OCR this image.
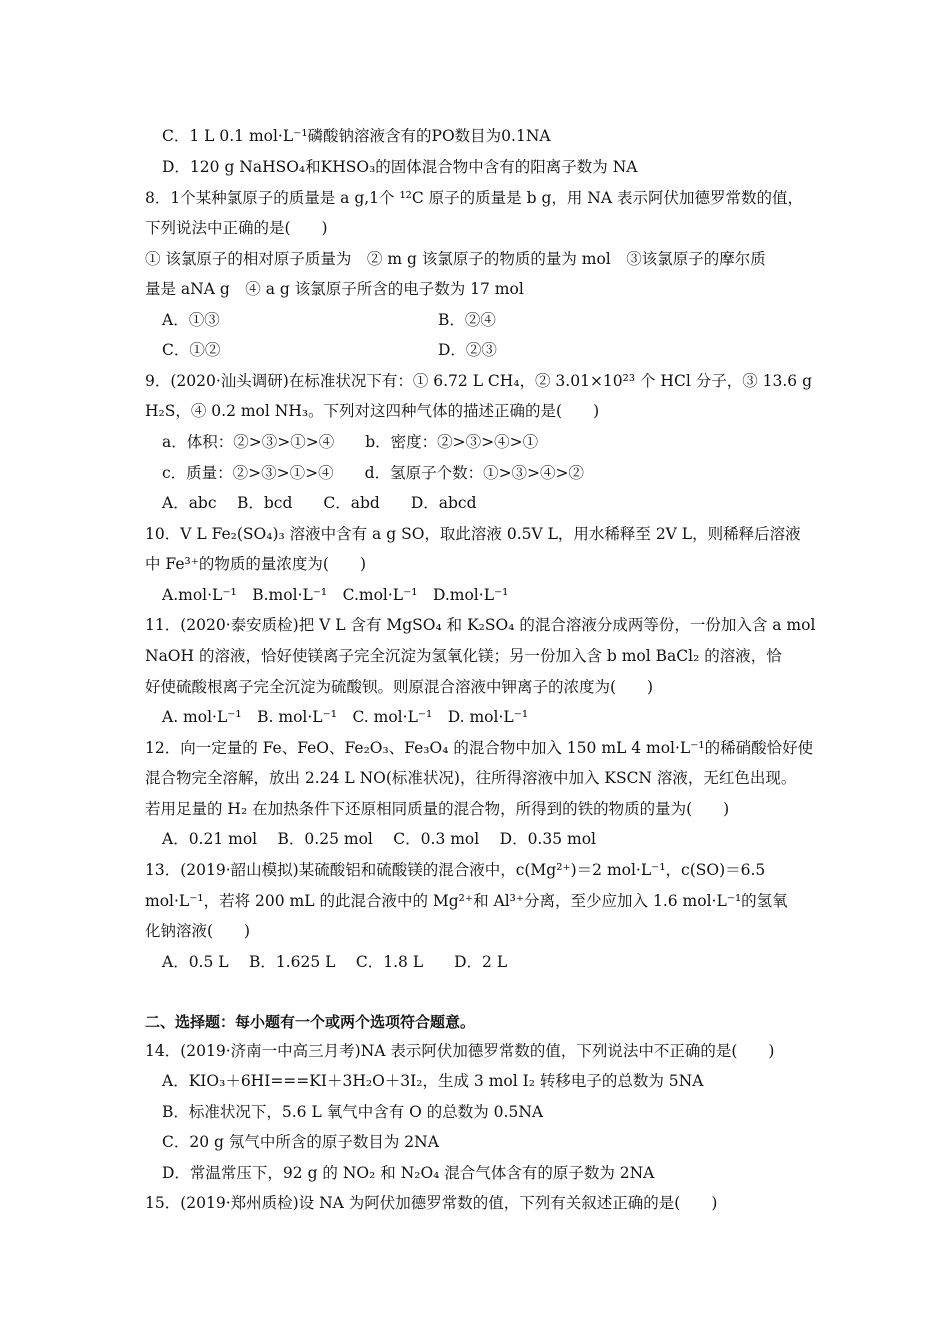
C．1 L 0.1 mol·L⁻¹磷酸钠溶液含有的PO数目为0.1NA
D．120 g NaHSO₄和KHSO₃的固体混合物中含有的阳离子数为 NA
8．1个某种氯原子的质量是 a g,1个 ¹²C 原子的质量是 b g，用 NA 表示阿伏加德罗常数的值，
下列说法中正确的是(　　)
① 该氯原子的相对原子质量为　② m g 该氯原子的物质的量为 mol　③该氯原子的摩尔质
量是 aNA g　④ a g 该氯原子所含的电子数为 17 mol
A．①③	B．②④
C．①②	D．②③
9．(2020·汕头调研)在标准状况下有：① 6.72 L CH₄，② 3.01×10²³ 个 HCl 分子，③ 13.6 g
H₂S，④ 0.2 mol NH₃。下列对这四种气体的描述正确的是(　　)
a．体积：②>③>①>④　　b．密度：②>③>④>①
c．质量：②>③>①>④　　d．氢原子个数：①>③>④>②
A．abc　 B．bcd　　C．abd　　D．abcd
10．V L Fe₂(SO₄)₃ 溶液中含有 a g SO，取此溶液 0.5V L，用水稀释至 2V L，则稀释后溶液
中 Fe³⁺的物质的量浓度为(　　)
A.mol·L⁻¹　B.mol·L⁻¹　C.mol·L⁻¹　D.mol·L⁻¹
11．(2020·泰安质检)把 V L 含有 MgSO₄ 和 K₂SO₄ 的混合溶液分成两等份，一份加入含 a mol
NaOH 的溶液，恰好使镁离子完全沉淀为氢氧化镁；另一份加入含 b mol BaCl₂ 的溶液，恰
好使硫酸根离子完全沉淀为硫酸钡。则原混合溶液中钾离子的浓度为(　　)
A. mol·L⁻¹　B. mol·L⁻¹　C. mol·L⁻¹　D. mol·L⁻¹
12．向一定量的 Fe、FeO、Fe₂O₃、Fe₃O₄ 的混合物中加入 150 mL 4 mol·L⁻¹的稀硝酸恰好使
混合物完全溶解，放出 2.24 L NO(标准状况)，往所得溶液中加入 KSCN 溶液，无红色出现。
若用足量的 H₂ 在加热条件下还原相同质量的混合物，所得到的铁的物质的量为(　　)
A．0.21 mol　 B．0.25 mol　 C．0.3 mol　 D．0.35 mol
13．(2019·韶山模拟)某硫酸铝和硫酸镁的混合液中，c(Mg²⁺)＝2 mol·L⁻¹，c(SO)＝6.5
mol·L⁻¹，若将 200 mL 的此混合液中的 Mg²⁺和 Al³⁺分离，至少应加入 1.6 mol·L⁻¹的氢氧
化钠溶液(　　)
A．0.5 L　 B．1.625 L　 C．1.8 L　　D．2 L
二、选择题：每小题有一个或两个选项符合题意。
14．(2019·济南一中高三月考)NA 表示阿伏加德罗常数的值，下列说法中不正确的是(　　)
A．KIO₃＋6HI===KI＋3H₂O＋3I₂，生成 3 mol I₂ 转移电子的总数为 5NA
B．标准状况下，5.6 L 氧气中含有 O 的总数为 0.5NA
C．20 g 氖气中所含的原子数目为 2NA
D．常温常压下，92 g 的 NO₂ 和 N₂O₄ 混合气体含有的原子数为 2NA
15．(2019·郑州质检)设 NA 为阿伏加德罗常数的值，下列有关叙述正确的是(　　)
